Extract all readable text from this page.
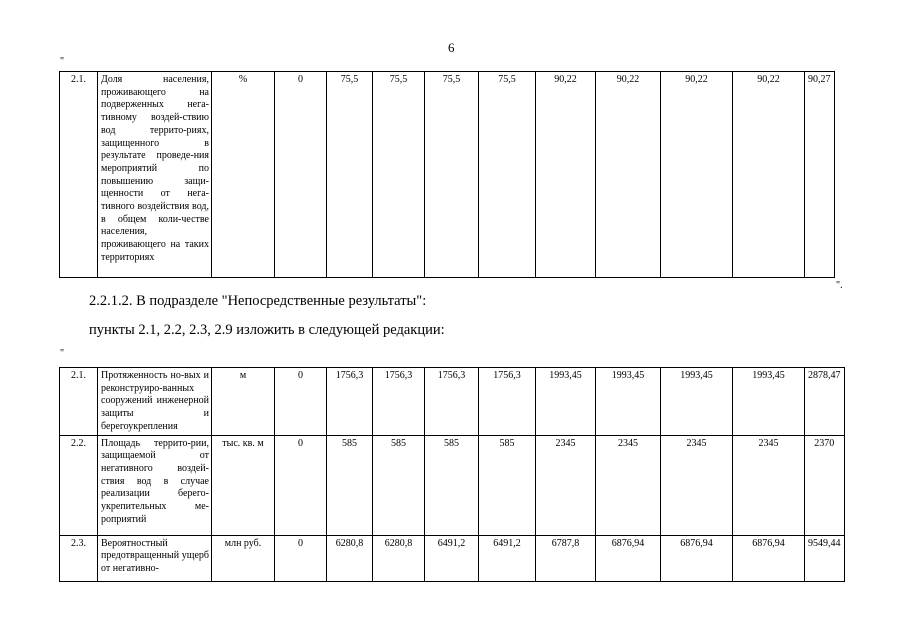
6
"
2.1.	Доля населения, проживающего на подверженных нега-тивному воздей-ствию вод террито-риях, защищенного в результате проведе-ния мероприятий по повышению защи-щенности от нега-тивного воздействия вод, в общем коли-честве населения, проживающего на таких территориях	%	0	75,5	75,5	75,5	75,5	90,22	90,22	90,22	90,22	90,27
".
2.2.1.2. В подразделе "Непосредственные результаты":
пункты 2.1, 2.2, 2.3, 2.9 изложить в следующей редакции:
"
2.1.	Протяженность но-вых и реконструиро-ванных сооружений инженерной защиты и берегоукрепления	м	0	1756,3	1756,3	1756,3	1756,3	1993,45	1993,45	1993,45	1993,45	2878,47
2.2.	Площадь террито-рии, защищаемой от негативного воздей-ствия вод в случае реализации берего-укрепительных ме-роприятий	тыс. кв. м	0	585	585	585	585	2345	2345	2345	2345	2370
2.3.	Вероятностный предотвращенный ущерб от негативно-	млн руб.	0	6280,8	6280,8	6491,2	6491,2	6787,8	6876,94	6876,94	6876,94	9549,44
